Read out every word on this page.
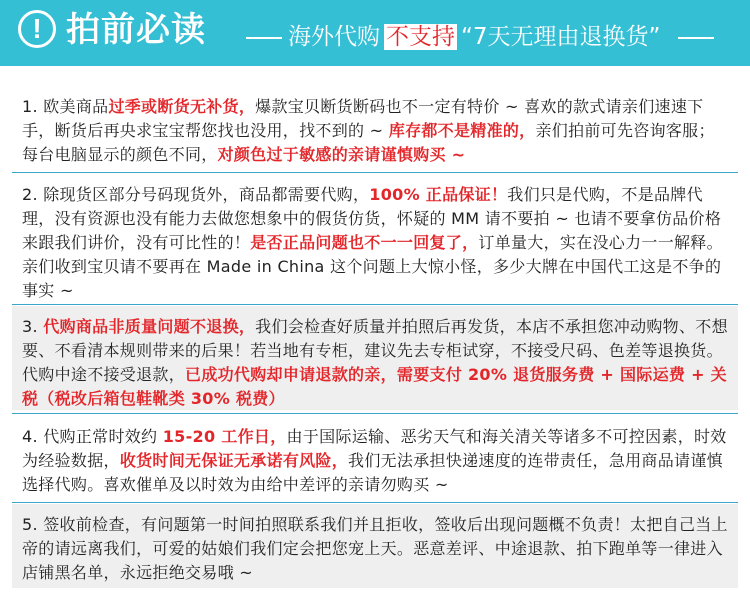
! 拍前必读	海外代购 不支持 “7天无理由退换货”
1. 欧美商品过季或断货无补货，爆款宝贝断货断码也不一定有特价 ~ 喜欢的款式请亲们速速下手，断货后再央求宝宝帮您找也没用，找不到的 ~ 库存都不是精准的，亲们拍前可先咨询客服；每台电脑显示的颜色不同，对颜色过于敏感的亲请谨慎购买 ~
2. 除现货区部分号码现货外，商品都需要代购，100% 正品保证！我们只是代购，不是品牌代理，没有资源也没有能力去做您想象中的假货仿货，怀疑的 MM 请不要拍 ~ 也请不要拿仿品价格来跟我们讲价，没有可比性的！是否正品问题也不一一回复了，订单量大，实在没心力一一解释。亲们收到宝贝请不要再在 Made in China 这个问题上大惊小怪，多少大牌在中国代工这是不争的事实 ~
3. 代购商品非质量问题不退换，我们会检查好质量并拍照后再发货，本店不承担您冲动购物、不想要、不看清本规则带来的后果！若当地有专柜，建议先去专柜试穿，不接受尺码、色差等退换货。代购中途不接受退款，已成功代购却申请退款的亲，需要支付 20% 退货服务费 + 国际运费 + 关税（税改后箱包鞋靴类 30% 税费）
4. 代购正常时效约 15-20 工作日，由于国际运输、恶劣天气和海关清关等诸多不可控因素，时效为经验数据，收货时间无保证无承诺有风险，我们无法承担快递速度的连带责任，急用商品请谨慎选择代购。喜欢催单及以时效为由给中差评的亲请勿购买 ~
5. 签收前检查，有问题第一时间拍照联系我们并且拒收，签收后出现问题概不负责！太把自己当上帝的请远离我们，可爱的姑娘们我们定会把您宠上天。恶意差评、中途退款、拍下跑单等一律进入店铺黑名单，永远拒绝交易哦 ~
